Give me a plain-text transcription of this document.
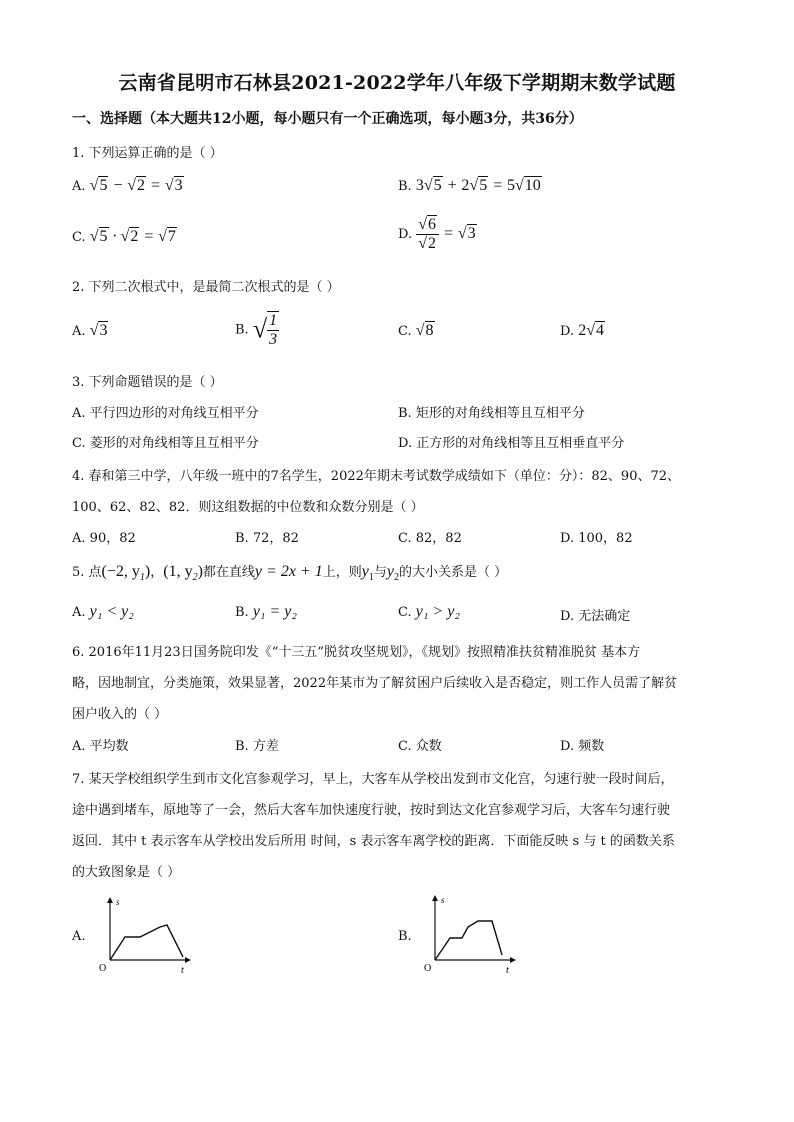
云南省昆明市石林县2021-2022学年八年级下学期期末数学试题
一、选择题（本大题共12小题，每小题只有一个正确选项，每小题3分，共36分）
1. 下列运算正确的是（ ）
A. √5 − √2 = √3	B. 3√5 + 2√5 = 5√10
C. √5 · √2 = √7	D. $\frac{√6}{√2} = √3$
2. 下列二次根式中，是最简二次根式的是（ ）
A. √3	B. √ $\frac{1}{3}$	C. √8	D. 2√4
3. 下列命题错误的是（ ）
A. 平行四边形的对角线互相平分	B. 矩形的对角线相等且互相平分
C. 菱形的对角线相等且互相平分	D. 正方形的对角线相等且互相垂直平分
4. 春和第三中学，八年级一班中的7名学生，2022年期末考试数学成绩如下（单位：分）：82、90、72、
100、62、82、82．则这组数据的中位数和众数分别是（ ）
A. 90，82	B. 72，82	C. 82，82	D. 100，82
5. 点(−2, $y_1$)，(1, $y_2$)都在直线y = 2x + 1上，则$y_1$与$y_2$的大小关系是（ ）
A. y₁ < y₂	B. y₁ = y₂	C. y₁ > y₂	D. 无法确定
6. 2016年11月23日国务院印发《“十三五”脱贫攻坚规划》，《规划》按照精准扶贫精准脱贫 基本方
略，因地制宜，分类施策，效果显著，2022年某市为了解贫困户后续收入是否稳定，则工作人员需了解贫
困户收入的（ ）
A. 平均数	B. 方差	C. 众数	D. 频数
7. 某天学校组织学生到市文化宫参观学习，早上，大客车从学校出发到市文化宫，匀速行驶一段时间后，
途中遇到堵车，原地等了一会，然后大客车加快速度行驶，按时到达文化宫参观学习后，大客车匀速行驶
返回．其中 t 表示客车从学校出发后所用 时间，s 表示客车离学校的距离．下面能反映 s 与 t 的函数关系
的大致图象是（ ）
A.
s
t
O
B.
s
t
O
